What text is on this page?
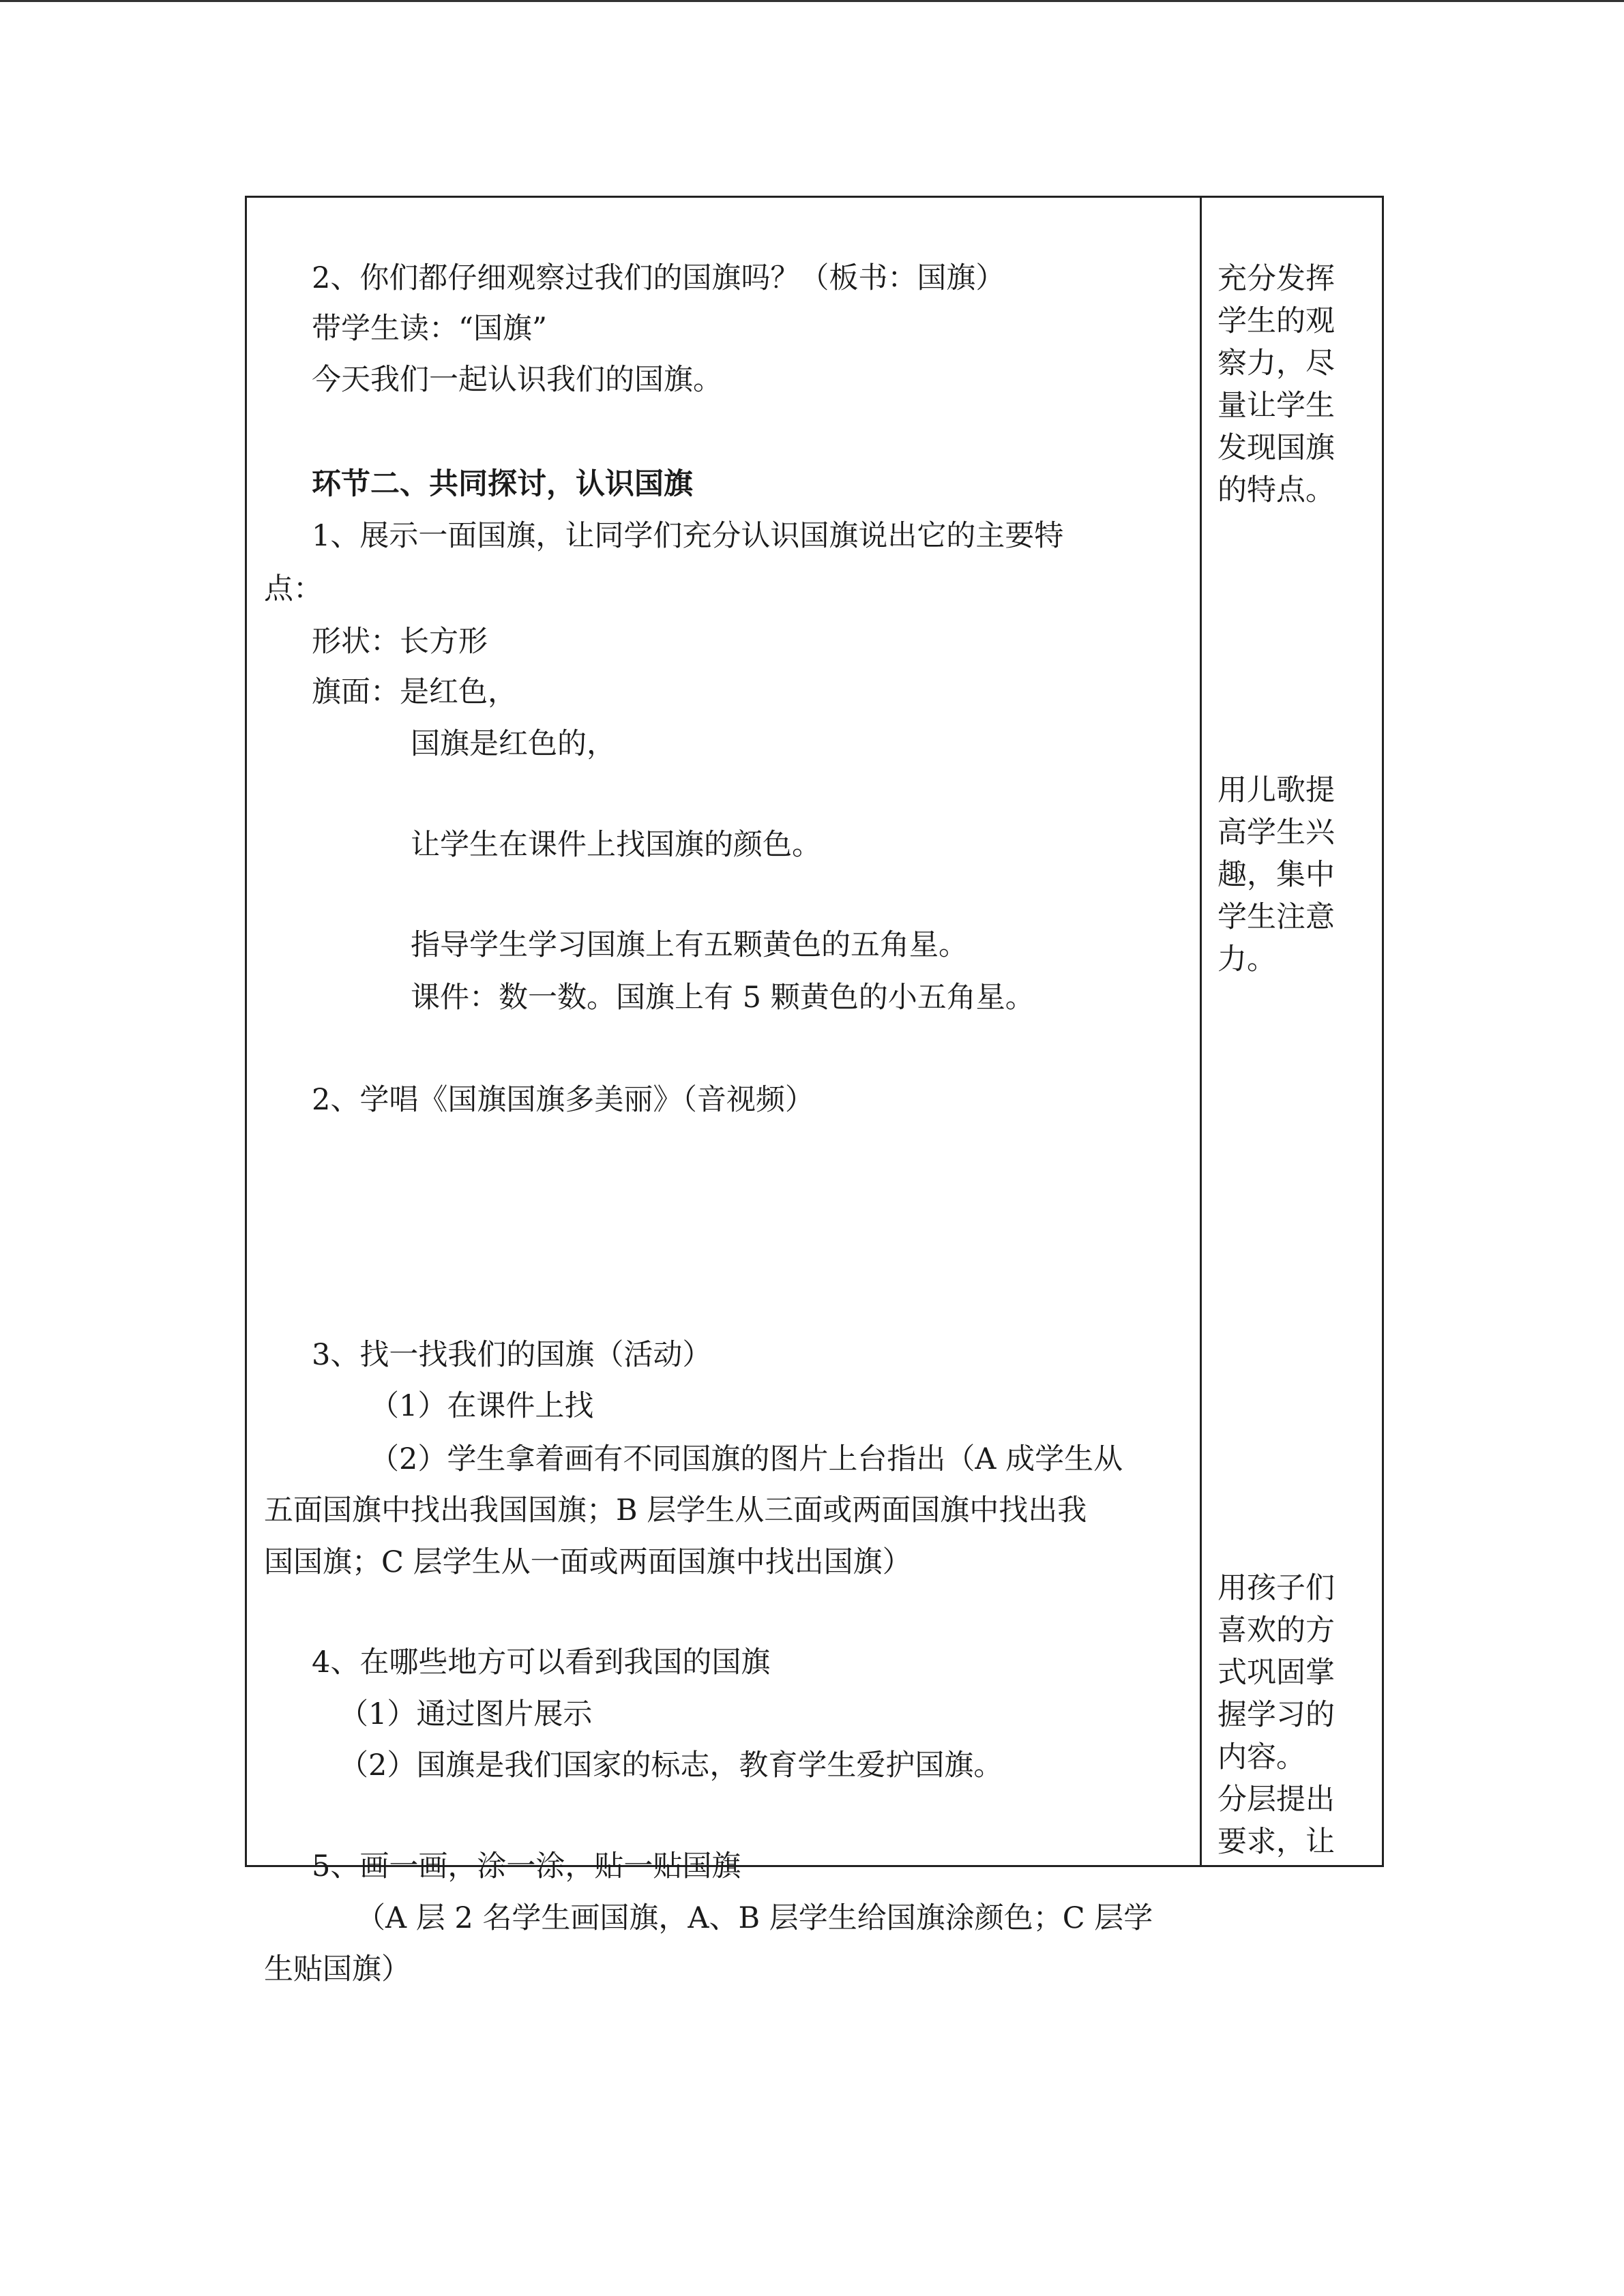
2、你们都仔细观察过我们的国旗吗？（板书：国旗）
带学生读：“国旗”
今天我们一起认识我们的国旗。
环节二、共同探讨，认识国旗
1、展示一面国旗，让同学们充分认识国旗说出它的主要特
点：
形状：长方形
旗面：是红色，
国旗是红色的，
让学生在课件上找国旗的颜色。
指导学生学习国旗上有五颗黄色的五角星。
课件：数一数。国旗上有 5 颗黄色的小五角星。
2、学唱《国旗国旗多美丽》（音视频）
3、找一找我们的国旗（活动）
（1）在课件上找
（2）学生拿着画有不同国旗的图片上台指出（A 成学生从
五面国旗中找出我国国旗；B 层学生从三面或两面国旗中找出我
国国旗；C 层学生从一面或两面国旗中找出国旗）
4、在哪些地方可以看到我国的国旗
（1）通过图片展示
（2）国旗是我们国家的标志，教育学生爱护国旗。
5、画一画，涂一涂，贴一贴国旗
（A 层 2 名学生画国旗，A、B 层学生给国旗涂颜色；C 层学
生贴国旗）
充分发挥
学生的观
察力，尽
量让学生
发现国旗
的特点。
用儿歌提
高学生兴
趣，集中
学生注意
力。
用孩子们
喜欢的方
式巩固掌
握学习的
内容。
分层提出
要求，让
